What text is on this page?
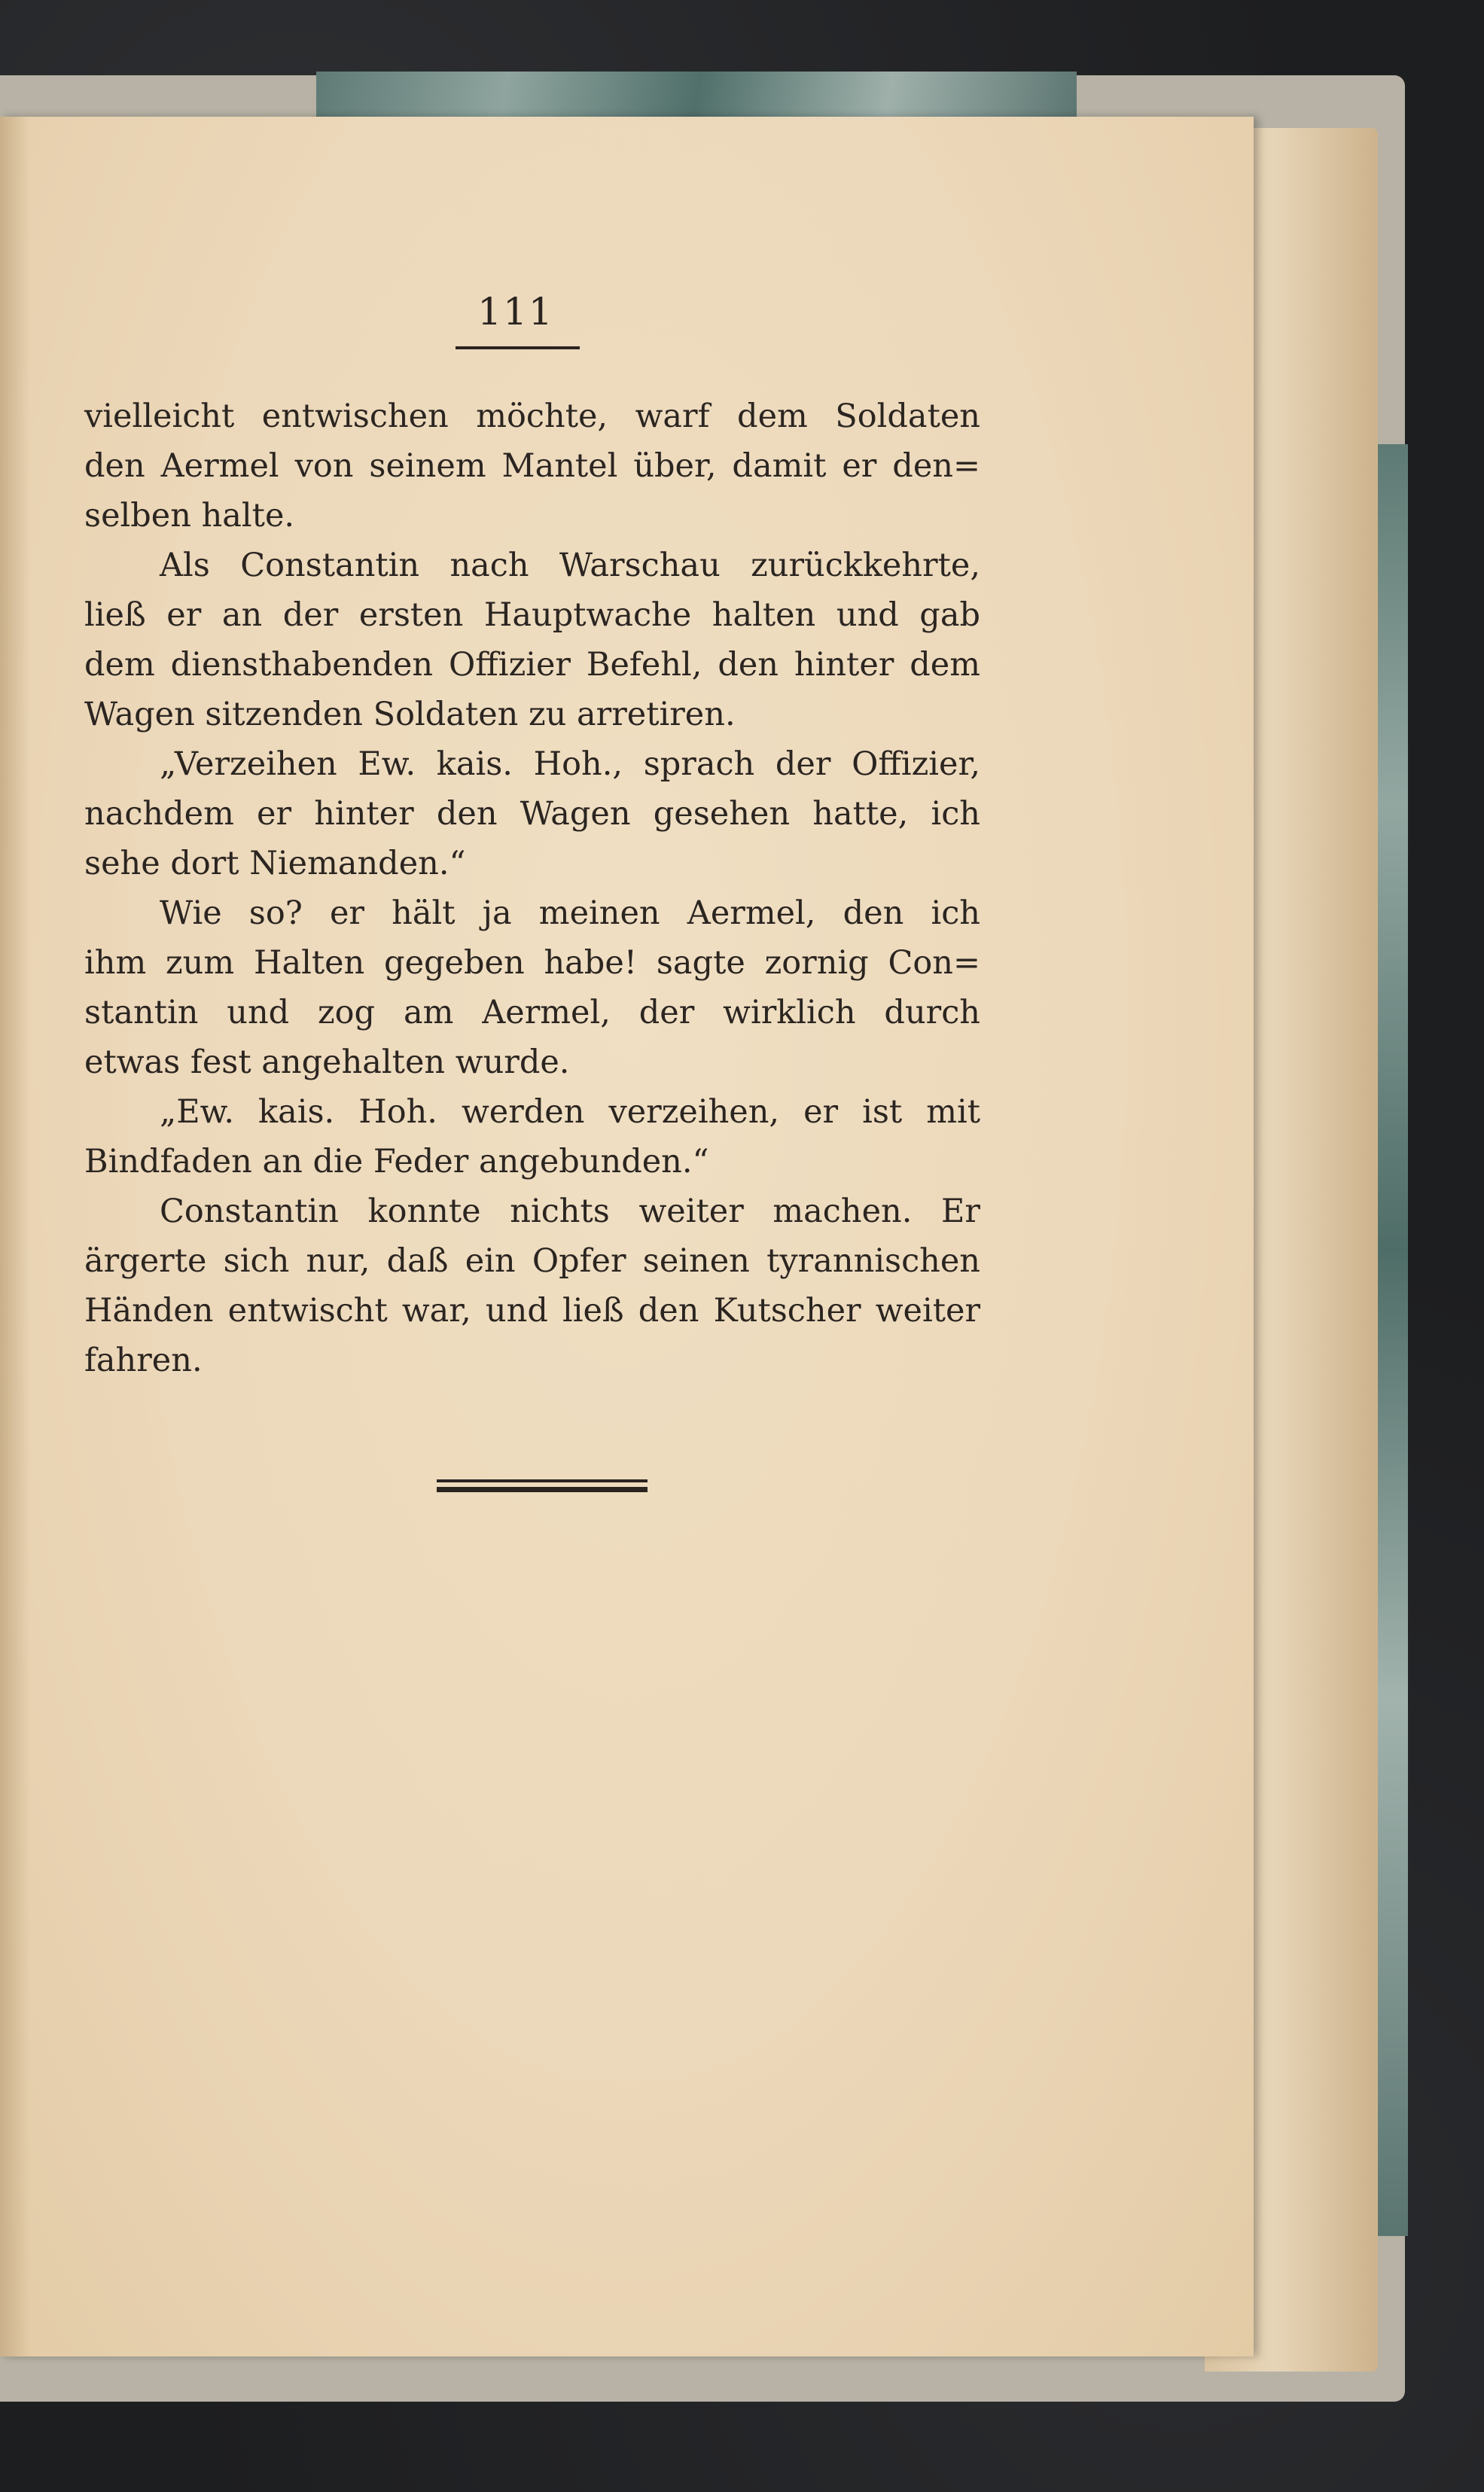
111
vielleicht entwischen möchte, warf dem Soldaten
den Aermel von seinem Mantel über, damit er den=
selben halte.
Als Constantin nach Warschau zurückkehrte,
ließ er an der ersten Hauptwache halten und gab
dem diensthabenden Offizier Befehl, den hinter dem
Wagen sitzenden Soldaten zu arretiren.
„Verzeihen Ew. kais. Hoh., sprach der Offizier,
nachdem er hinter den Wagen gesehen hatte, ich
sehe dort Niemanden.“
Wie so? er hält ja meinen Aermel, den ich
ihm zum Halten gegeben habe! sagte zornig Con=
stantin und zog am Aermel, der wirklich durch
etwas fest angehalten wurde.
„Ew. kais. Hoh. werden verzeihen, er ist mit
Bindfaden an die Feder angebunden.“
Constantin konnte nichts weiter machen. Er
ärgerte sich nur, daß ein Opfer seinen tyrannischen
Händen entwischt war, und ließ den Kutscher weiter
fahren.
